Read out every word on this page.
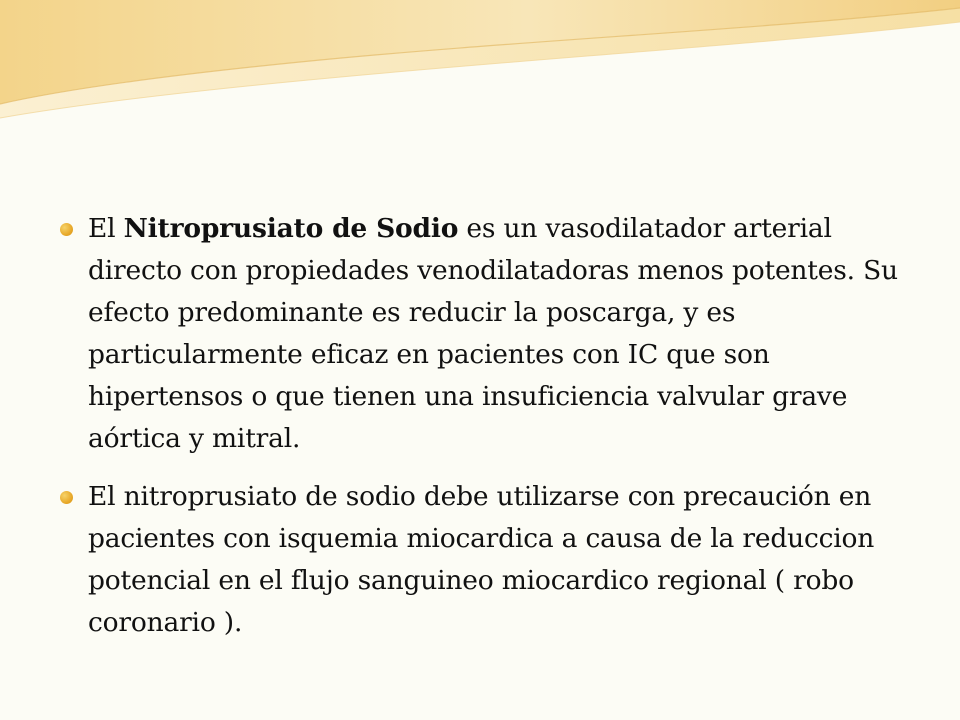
El Nitroprusiato de Sodio es un vasodilatador arterial directo con propiedades venodilatadoras menos potentes. Su efecto predominante es reducir la poscarga, y es particularmente eficaz en pacientes con IC que son hipertensos o que tienen una insuficiencia valvular grave aórtica y mitral.
El nitroprusiato de sodio debe utilizarse con precaución en pacientes con isquemia miocardica a causa de la reduccion potencial en el flujo sanguineo miocardico regional ( robo coronario ).
